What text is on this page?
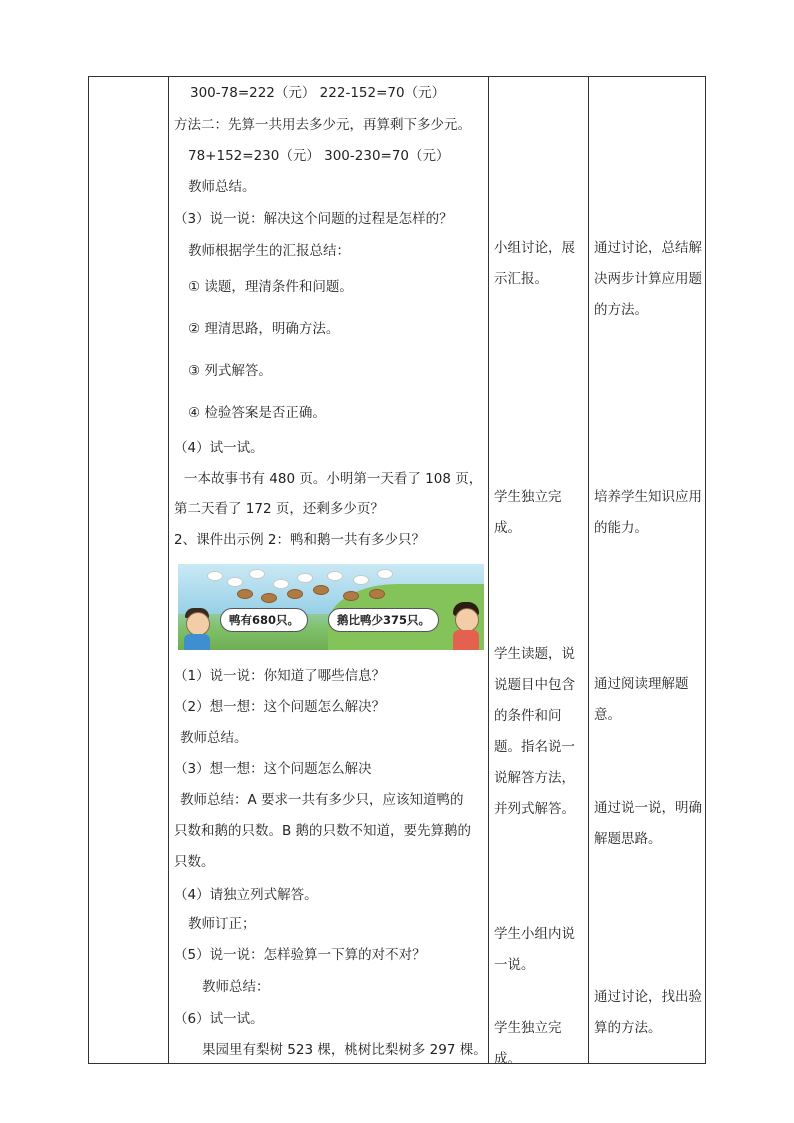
300-78=222（元） 222-152=70（元）
方法二：先算一共用去多少元，再算剩下多少元。
78+152=230（元） 300-230=70（元）
教师总结。
（3）说一说：解决这个问题的过程是怎样的？
教师根据学生的汇报总结：
① 读题，理清条件和问题。
② 理清思路，明确方法。
③ 列式解答。
④ 检验答案是否正确。
（4）试一试。
一本故事书有 480 页。小明第一天看了 108 页，
第二天看了 172 页，还剩多少页？
2、课件出示例 2：鸭和鹅一共有多少只？
鸭有680只。	鹅比鸭少375只。
（1）说一说：你知道了哪些信息？
（2）想一想：这个问题怎么解决？
教师总结。
（3）想一想：这个问题怎么解决
教师总结：A 要求一共有多少只，应该知道鸭的
只数和鹅的只数。B 鹅的只数不知道，要先算鹅的
只数。
（4）请独立列式解答。
教师订正；
（5）说一说：怎样验算一下算的对不对？
教师总结：
（6）试一试。
果园里有梨树 523 棵，桃树比梨树多 297 棵。
小组讨论，展示汇报。
学生独立完成。
学生读题，说说题目中包含的条件和问题。指名说一说解答方法，并列式解答。
学生小组内说一说。
学生独立完成。
通过讨论，总结解决两步计算应用题的方法。
培养学生知识应用的能力。
通过阅读理解题意。
通过说一说，明确解题思路。
通过讨论，找出验算的方法。
